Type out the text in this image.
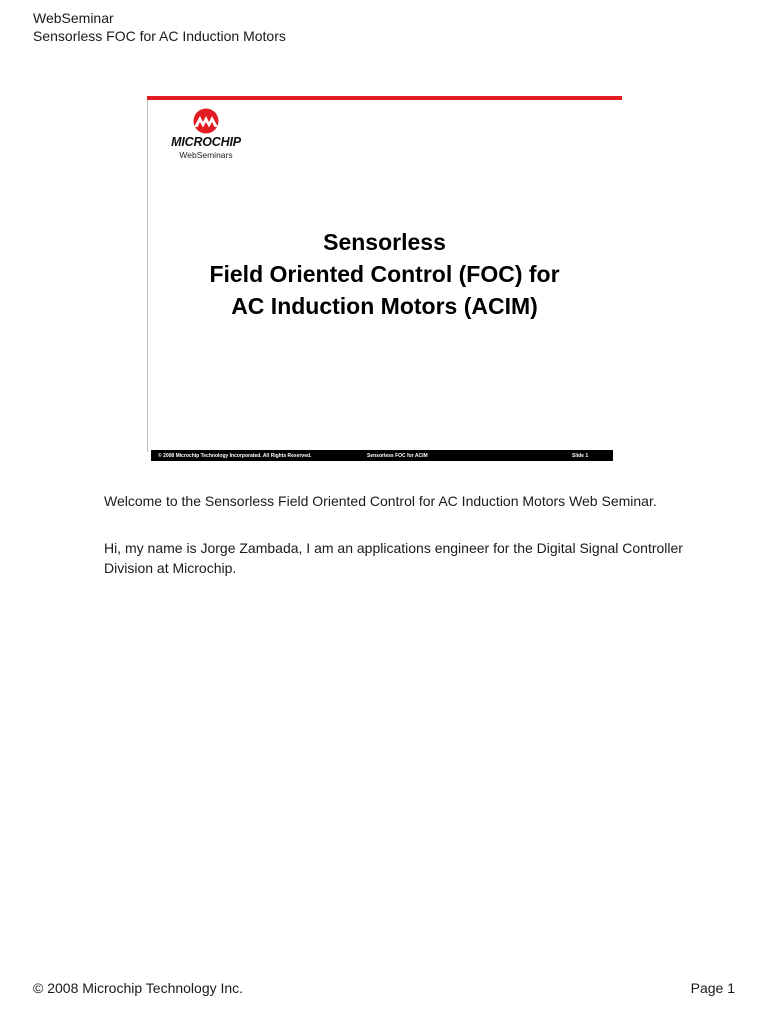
WebSeminar
Sensorless FOC for AC Induction Motors
MICROCHIP
WebSeminars
Sensorless
Field Oriented Control (FOC) for
AC Induction Motors (ACIM)
© 2008 Microchip Technology Incorporated. All Rights Reserved.	Sensorless FOC for ACIM	Slide 1

Welcome to the Sensorless Field Oriented Control for AC Induction Motors Web Seminar.

Hi, my name is Jorge Zambada, I am an applications engineer for the Digital Signal Controller Division at Microchip.

© 2008 Microchip Technology Inc.	Page 1
